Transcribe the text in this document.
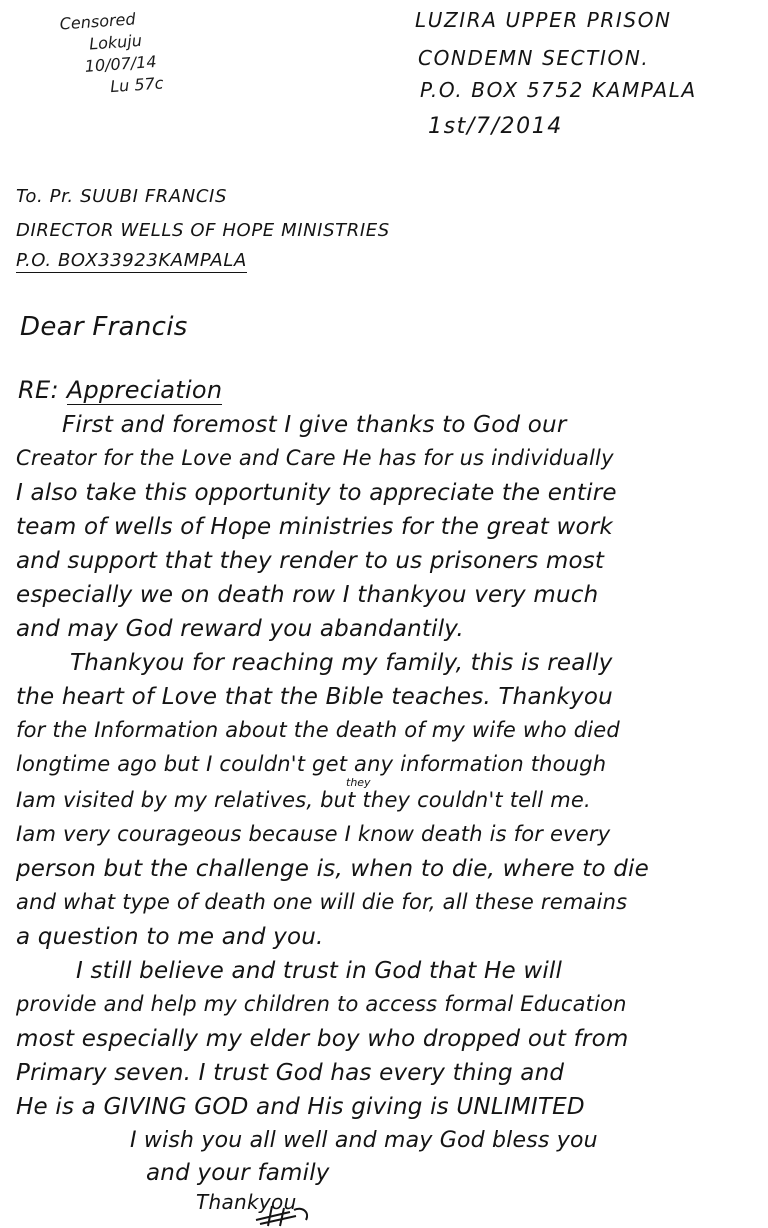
Censored
Lokuju
10/07/14
Lu 57c
LUZIRA UPPER PRISON
CONDEMN SECTION.
P.O. BOX 5752 KAMPALA
1st/7/2014
To. Pr. SUUBI FRANCIS
DIRECTOR WELLS OF HOPE MINISTRIES
P.O. BOX33923KAMPALA
Dear Francis
RE: Appreciation
First and foremost I give thanks to God our
Creator for the Love and Care He has for us individually
I also take this opportunity to appreciate the entire
team of wells of Hope ministries for the great work
and support that they render to us prisoners most
especially we on death row I thankyou very much
and may God reward you abandantily.
Thankyou for reaching my family, this is really
the heart of Love that the Bible teaches. Thankyou
for the Information about the death of my wife who died
longtime ago but I couldn't get any information though
Iam visited by my relatives, but they couldn't tell me.
Iam very courageous because I know death is for every
person but the challenge is, when to die, where to die
and what type of death one will die for, all these remains
a question to me and you.
I still believe and trust in God that He will
provide and help my children to access formal Education
most especially my elder boy who dropped out from
Primary seven. I trust God has every thing and
He is a GIVING GOD and His giving is UNLIMITED
I wish you all well and may God bless you
and your family
they
Thankyou
